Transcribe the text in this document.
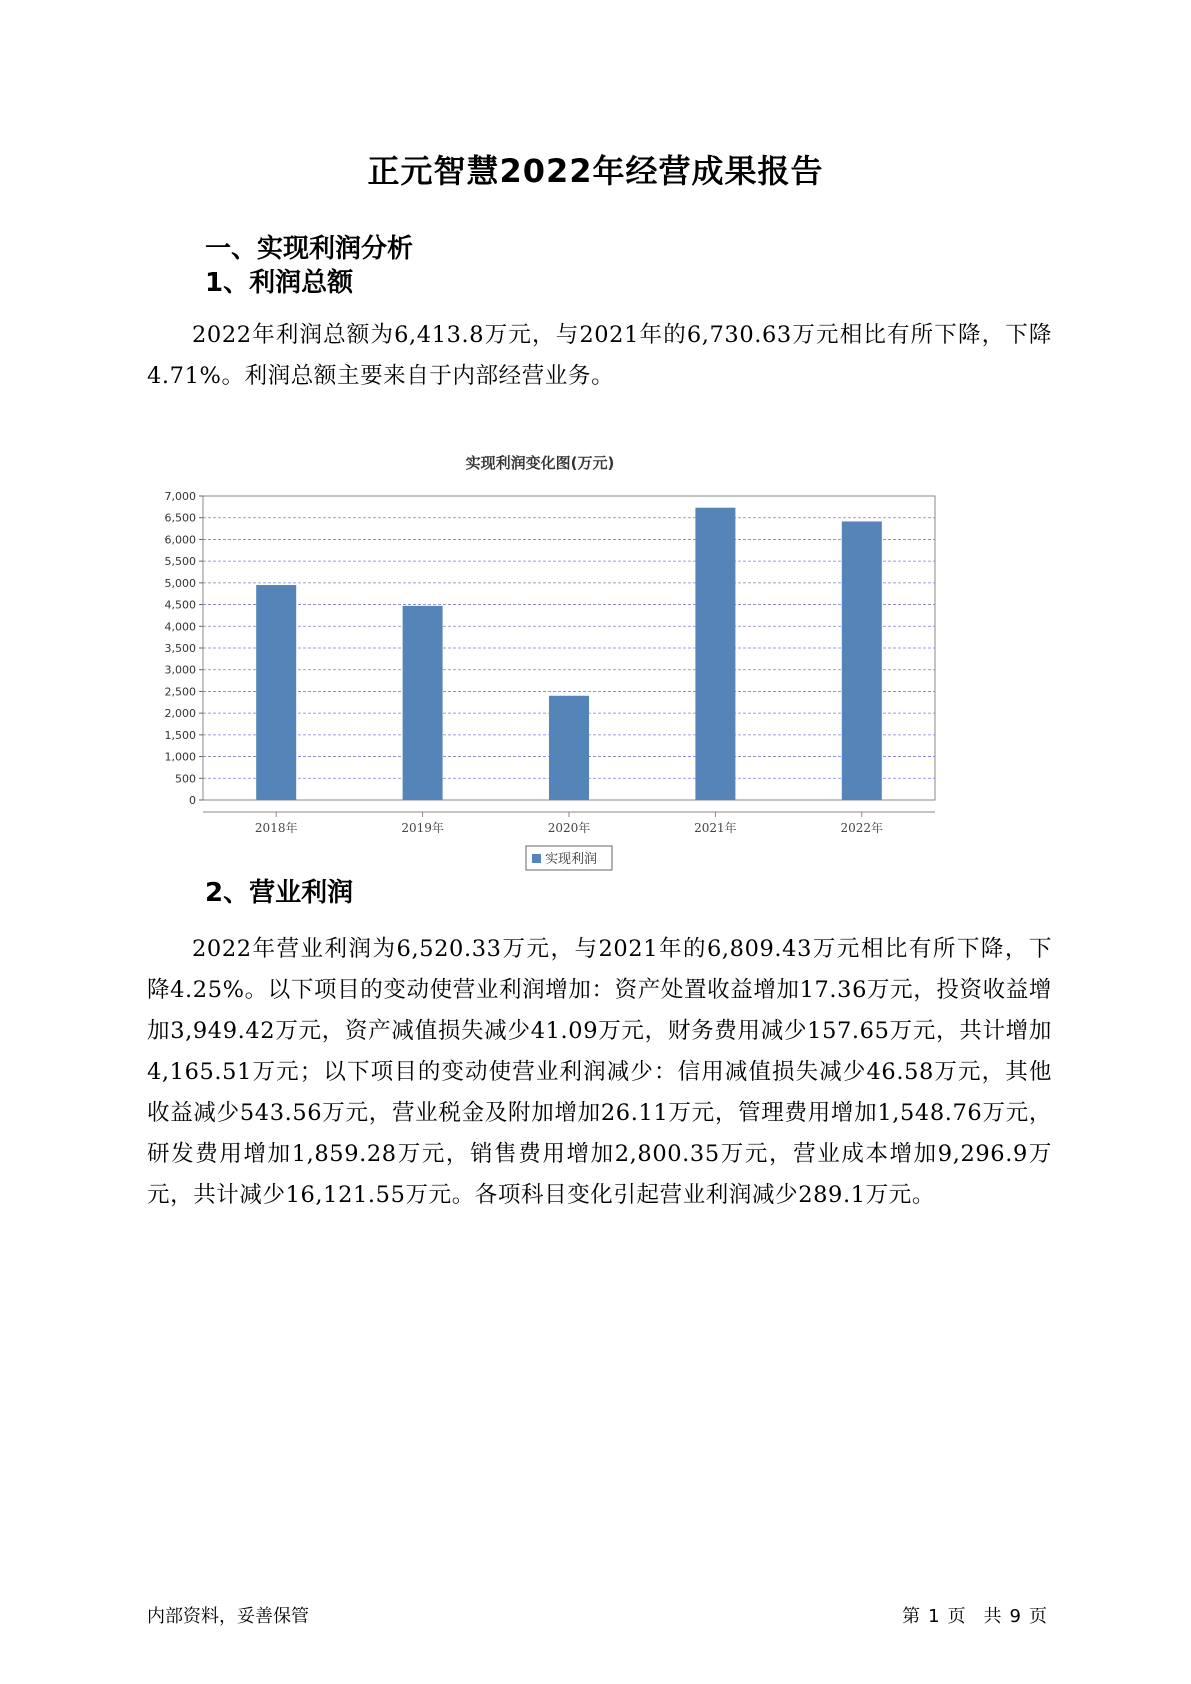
正元智慧2022年经营成果报告
一、实现利润分析
1、利润总额
2022年利润总额为6,413.8万元，与2021年的6,730.63万元相比有所下降，下降4.71%。利润总额主要来自于内部经营业务。
实现利润变化图(万元)
0
500
1,000
1,500
2,000
2,500
3,000
3,500
4,000
4,500
5,000
5,500
6,000
6,500
7,000
2018年	2019年	2020年	2021年	2022年
实现利润
2、营业利润
2022年营业利润为6,520.33万元，与2021年的6,809.43万元相比有所下降，下降4.25%。以下项目的变动使营业利润增加：资产处置收益增加17.36万元，投资收益增加3,949.42万元，资产减值损失减少41.09万元，财务费用减少157.65万元，共计增加4,165.51万元；以下项目的变动使营业利润减少：信用减值损失减少46.58万元，其他收益减少543.56万元，营业税金及附加增加26.11万元，管理费用增加1,548.76万元，研发费用增加1,859.28万元，销售费用增加2,800.35万元，营业成本增加9,296.9万元，共计减少16,121.55万元。各项科目变化引起营业利润减少289.1万元。
内部资料，妥善保管	第 1 页　共 9 页
